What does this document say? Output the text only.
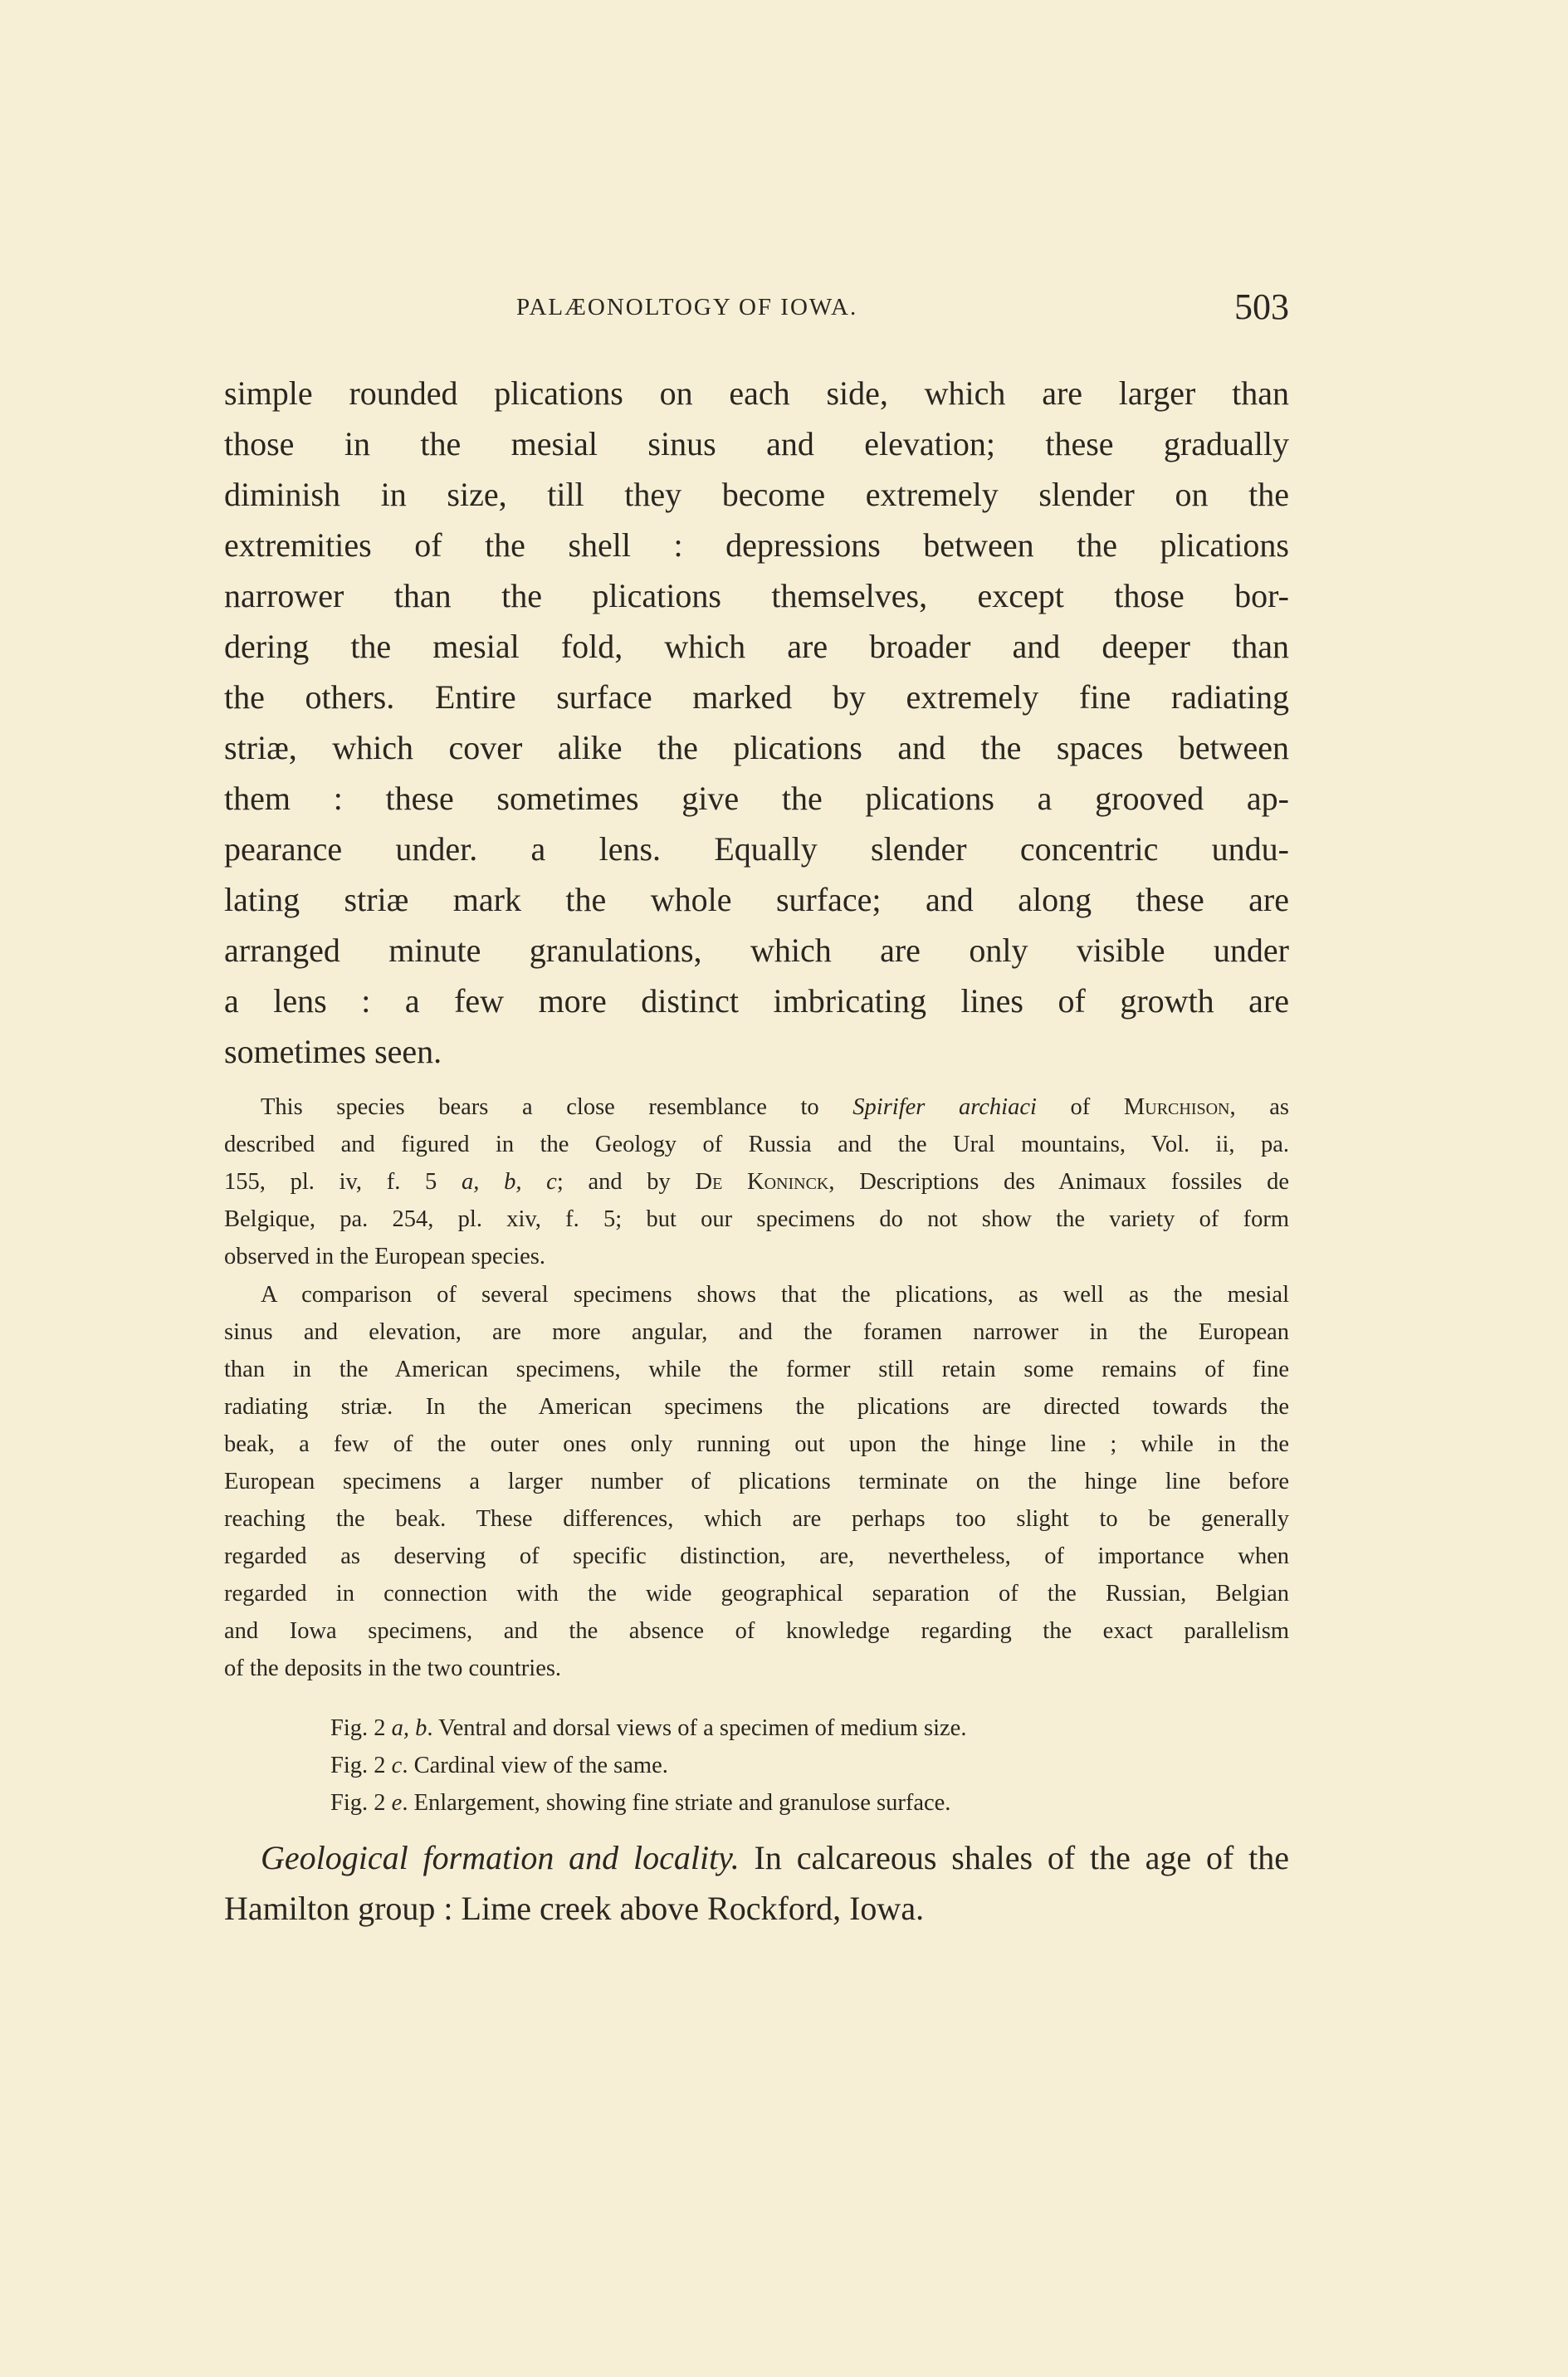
PALÆONOLTOGY OF IOWA.	503
simple rounded plications on each side, which are larger than
those in the mesial sinus and elevation; these gradually
diminish in size, till they become extremely slender on the
extremities of the shell : depressions between the plications
narrower than the plications themselves, except those bor-
dering the mesial fold, which are broader and deeper than
the others. Entire surface marked by extremely fine radiating
striæ, which cover alike the plications and the spaces between
them : these sometimes give the plications a grooved ap-
pearance under. a lens. Equally slender concentric undu-
lating striæ mark the whole surface; and along these are
arranged minute granulations, which are only visible under
a lens : a few more distinct imbricating lines of growth are
sometimes seen.
This species bears a close resemblance to Spirifer archiaci of Murchison, as
described and figured in the Geology of Russia and the Ural mountains, Vol. ii, pa.
155, pl. iv, f. 5 a, b, c; and by De Koninck, Descriptions des Animaux fossiles de
Belgique, pa. 254, pl. xiv, f. 5; but our specimens do not show the variety of form
observed in the European species.
A comparison of several specimens shows that the plications, as well as the mesial
sinus and elevation, are more angular, and the foramen narrower in the European
than in the American specimens, while the former still retain some remains of fine
radiating striæ. In the American specimens the plications are directed towards the
beak, a few of the outer ones only running out upon the hinge line ; while in the
European specimens a larger number of plications terminate on the hinge line before
reaching the beak. These differences, which are perhaps too slight to be generally
regarded as deserving of specific distinction, are, nevertheless, of importance when
regarded in connection with the wide geographical separation of the Russian, Belgian
and Iowa specimens, and the absence of knowledge regarding the exact parallelism
of the deposits in the two countries.
Fig. 2 a, b. Ventral and dorsal views of a specimen of medium size.
Fig. 2 c. Cardinal view of the same.
Fig. 2 e. Enlargement, showing fine striate and granulose surface.
Geological formation and locality. In calcareous shales of the age of the
Hamilton group : Lime creek above Rockford, Iowa.
